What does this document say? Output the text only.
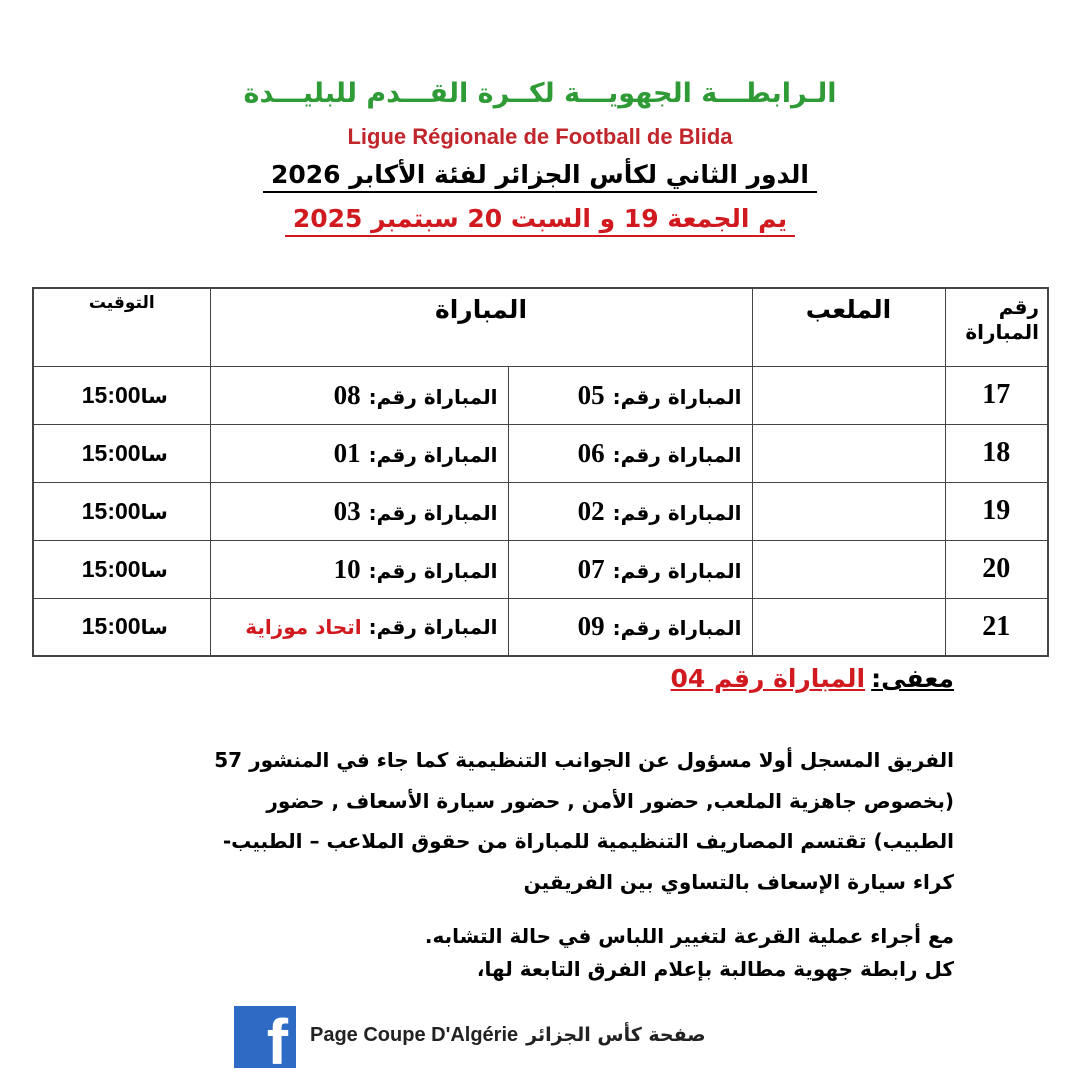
الـرابطـــة الجهويـــة لكــرة القـــدم للبليـــدة
Ligue Régionale de Football de Blida
الدور الثاني لكأس الجزائر لفئة الأكابر 2026
يم الجمعة 19 و السبت 20 سبتمبر 2025
رقم المباراة	الملعب	المباراة		التوقيت
17		المباراة رقم:05	المباراة رقم:08	سا15:00
18		المباراة رقم:06	المباراة رقم:01	سا15:00
19		المباراة رقم:02	المباراة رقم:03	سا15:00
20		المباراة رقم:07	المباراة رقم:10	سا15:00
21		المباراة رقم:09	المباراة رقم: اتحاد موزاية	سا15:00
معفى:المباراة رقم 04
الفريق المسجل أولا مسؤول عن الجوانب التنظيمية كما جاء في المنشور 57
(بخصوص جاهزية الملعب, حضور الأمن , حضور سيارة الأسعاف , حضور
الطبيب) تقتسم المصاريف التنظيمية للمباراة من حقوق الملاعب – الطبيب-
كراء سيارة الإسعاف بالتساوي بين الفريقين
مع أجراء عملية القرعة لتغيير اللباس في حالة التشابه.
كل رابطة جهوية مطالبة بإعلام الفرق التابعة لها،
f Page Coupe D'Algérie صفحة كأس الجزائر
